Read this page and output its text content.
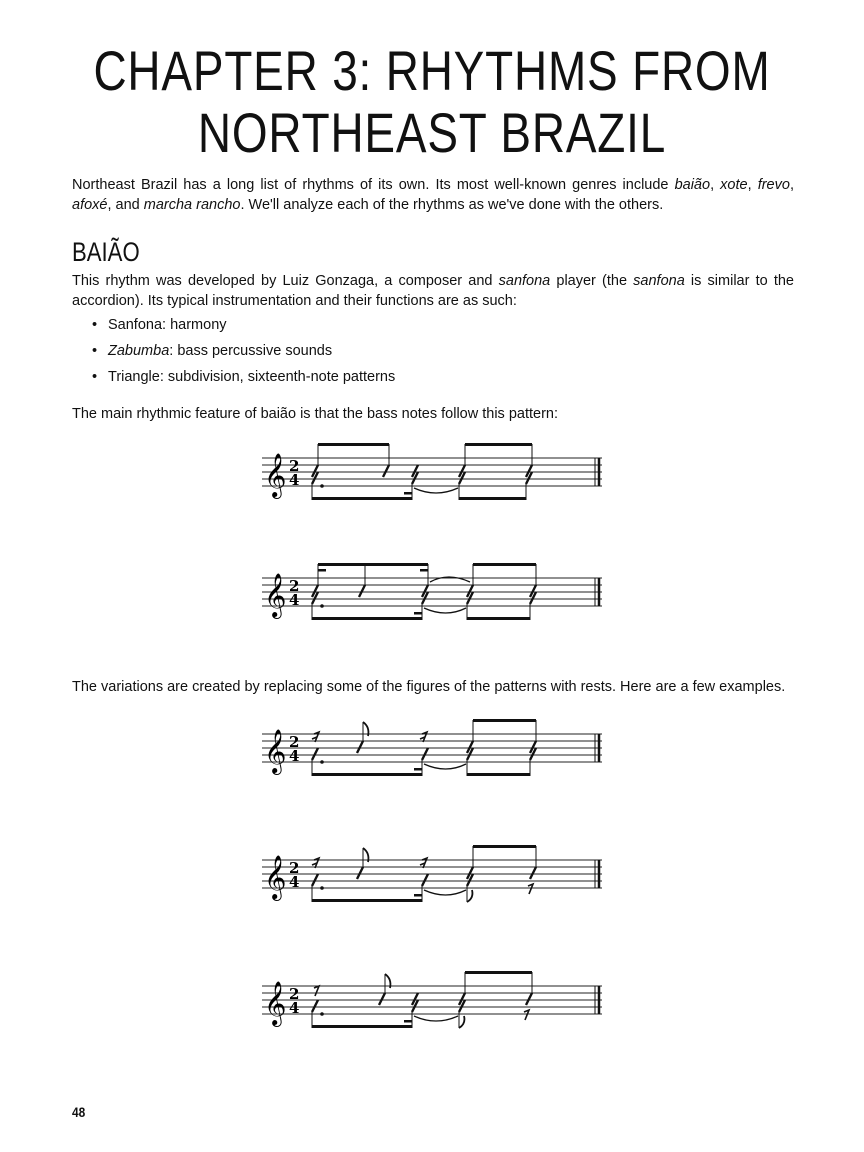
CHAPTER 3: RHYTHMS FROM
NORTHEAST BRAZIL

Northeast Brazil has a long list of rhythms of its own. Its most well-known genres include baião, xote, frevo, afoxé, and marcha rancho. We'll analyze each of the rhythms as we've done with the others.

BAIÃO

This rhythm was developed by Luiz Gonzaga, a composer and sanfona player (the sanfona is similar to the accordion). Its typical instrumentation and their functions are as such:

• Sanfona: harmony
• Zabumba: bass percussive sounds
• Triangle: subdivision, sixteenth-note patterns

The main rhythmic feature of baião is that the bass notes follow this pattern:

𝄞 2
4
𝄞 2
4

The variations are created by replacing some of the figures of the patterns with rests. Here are a few examples.

𝄞 2
4
𝄞 2
4
𝄞 2
4
48
